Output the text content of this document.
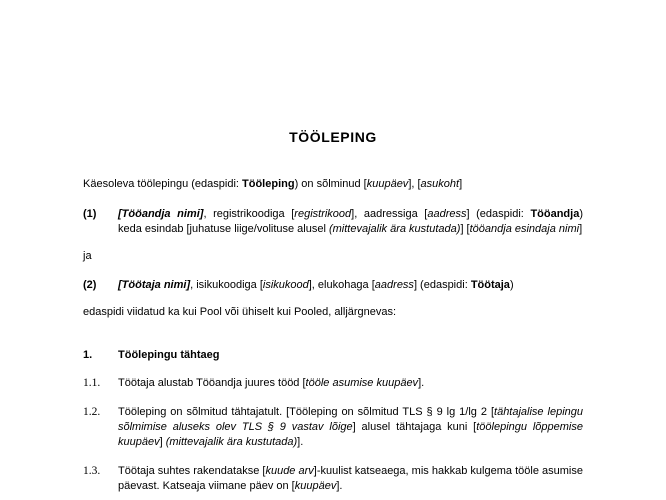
TÖÖLEPING

Käesoleva töölepingu (edaspidi: Tööleping) on sõlminud [kuupäev], [asukoht]

(1) [Tööandja nimi], registrikoodiga [registrikood], aadressiga [aadress] (edaspidi: Tööandja) keda esindab [juhatuse liige/volituse alusel (mittevajalik ära kustutada)] [tööandja esindaja nimi]

ja

(2) [Töötaja nimi], isikukoodiga [isikukood], elukohaga [aadress] (edaspidi: Töötaja)

edaspidi viidatud ka kui Pool või ühiselt kui Pooled, alljärgnevas:

1. Töölepingu tähtaeg
1.1. Töötaja alustab Tööandja juures tööd [tööle asumise kuupäev].
1.2. Tööleping on sõlmitud tähtajatult. [Tööleping on sõlmitud TLS § 9 lg 1/lg 2 [tähtajalise lepingu sõlmimise aluseks olev TLS § 9 vastav lõige] alusel tähtajaga kuni [töölepingu lõppemise kuupäev] (mittevajalik ära kustutada)].
1.3. Töötaja suhtes rakendatakse [kuude arv]-kuulist katseaega, mis hakkab kulgema tööle asumise päevast. Katseaja viimane päev on [kuupäev].
